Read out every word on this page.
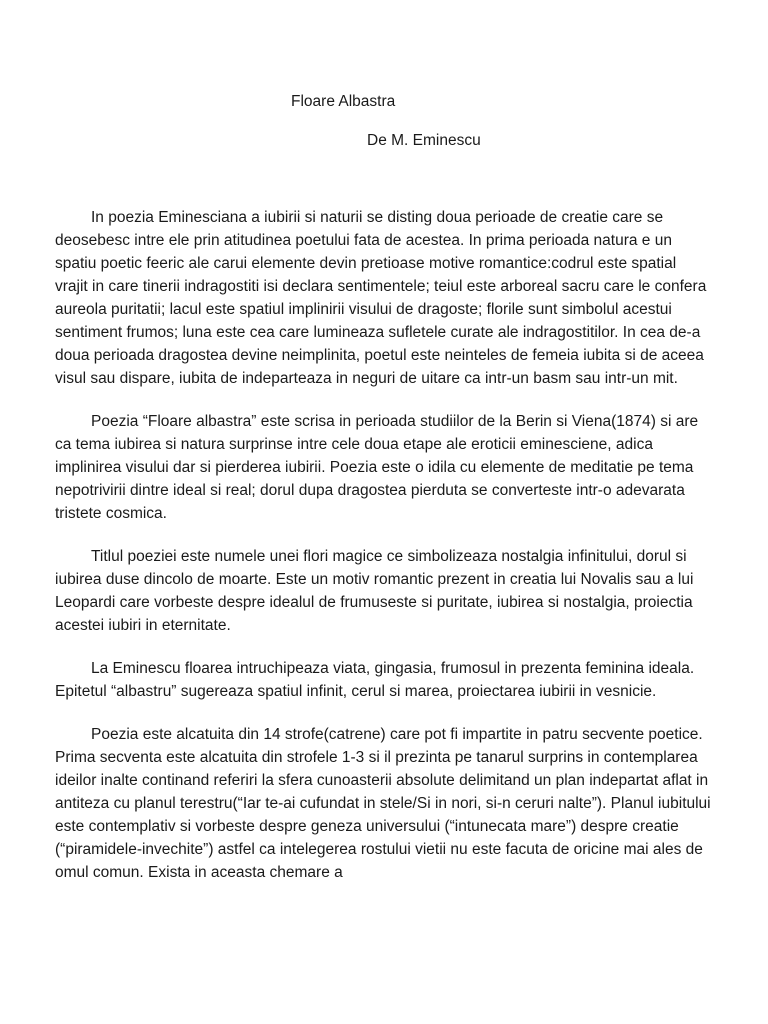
Floare Albastra
De M. Eminescu

In poezia Eminesciana a iubirii si naturii se disting doua perioade de creatie care se deosebesc intre ele prin atitudinea poetului fata de acestea. In prima perioada natura e un spatiu poetic feeric ale carui elemente devin pretioase motive romantice:codrul este spatial vrajit in care tinerii indragostiti isi declara sentimentele; teiul este arboreal sacru care le confera aureola puritatii; lacul este spatiul implinirii visului de dragoste; florile sunt simbolul acestui sentiment frumos; luna este cea care lumineaza sufletele curate ale indragostitilor. In cea de-a doua perioada dragostea devine neimplinita, poetul este neinteles de femeia iubita si de aceea visul sau dispare, iubita de indeparteaza in neguri de uitare ca intr-un basm sau intr-un mit.

Poezia “Floare albastra” este scrisa in perioada studiilor de la Berin si Viena(1874) si are ca tema iubirea si natura surprinse intre cele doua etape ale eroticii eminesciene, adica implinirea visului dar si pierderea iubirii. Poezia este o idila cu elemente de meditatie pe tema nepotrivirii dintre ideal si real; dorul dupa dragostea pierduta se converteste intr-o adevarata tristete cosmica.

Titlul poeziei este numele unei flori magice ce simbolizeaza nostalgia infinitului, dorul si iubirea duse dincolo de moarte. Este un motiv romantic prezent in creatia lui Novalis sau a lui Leopardi care vorbeste despre idealul de frumuseste si puritate, iubirea si nostalgia, proiectia acestei iubiri in eternitate.

La Eminescu floarea intruchipeaza viata, gingasia, frumosul in prezenta feminina ideala. Epitetul “albastru” sugereaza spatiul infinit, cerul si marea, proiectarea iubirii in vesnicie.

Poezia este alcatuita din 14 strofe(catrene) care pot fi impartite in patru secvente poetice. Prima secventa este alcatuita din strofele 1-3 si il prezinta pe tanarul surprins in contemplarea ideilor inalte continand referiri la sfera cunoasterii absolute delimitand un plan indepartat aflat in antiteza cu planul terestru(“Iar te-ai cufundat in stele/Si in nori, si-n ceruri nalte”). Planul iubitului este contemplativ si vorbeste despre geneza universului (“intunecata mare”) despre creatie (“piramidele-invechite”) astfel ca intelegerea rostului vietii nu este facuta de oricine mai ales de omul comun. Exista in aceasta chemare a
